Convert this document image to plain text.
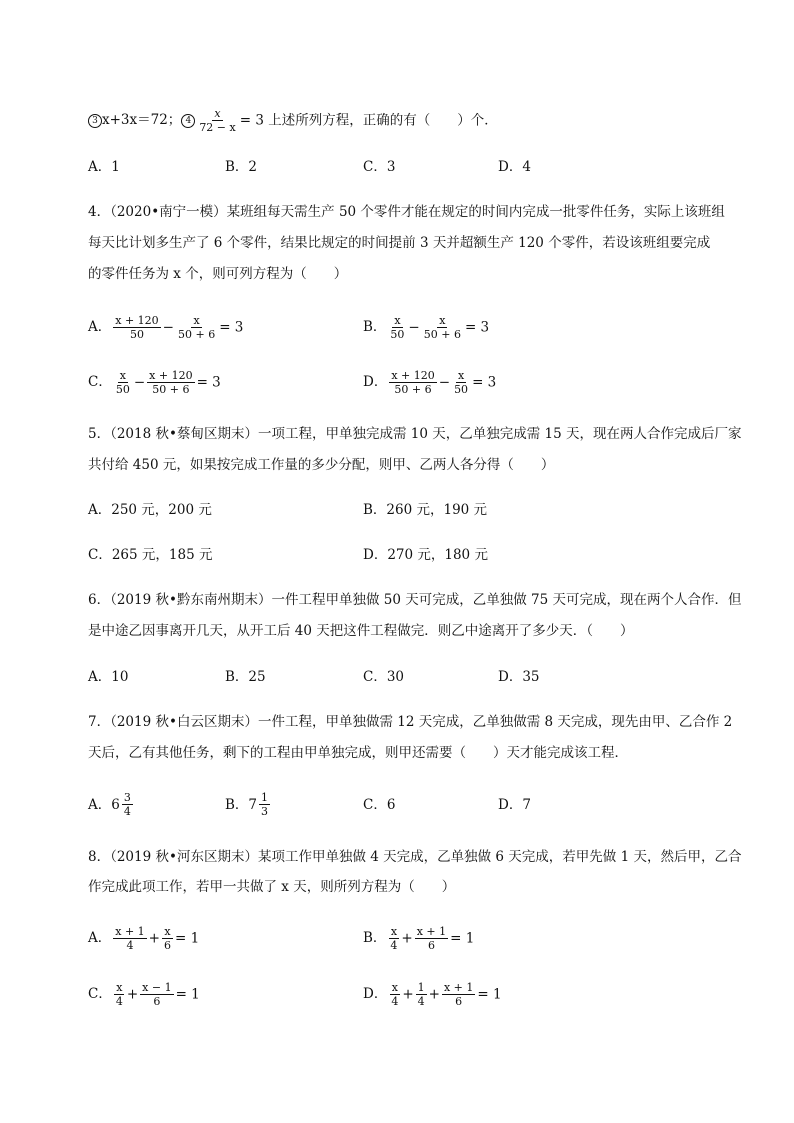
3 x+3x＝72； $4 \frac{x}{72 - x} = 3$ 上述所列方程，正确的有（　　）个．
A．1	B．2	C．3	D．4
4．（2020•南宁一模）某班组每天需生产 50 个零件才能在规定的时间内完成一批零件任务，实际上该班组
每天比计划多生产了 6 个零件，结果比规定的时间提前 3 天并超额生产 120 个零件，若设该班组要完成
的零件任务为 x 个，则可列方程为（　　）
A． $\frac{x + 120}{50} - \frac{x}{50 + 6} = 3$	B． $\frac{x}{50} - \frac{x}{50 + 6} = 3$
C． $\frac{x}{50} - \frac{x + 120}{50 + 6} = 3$	D． $\frac{x + 120}{50 + 6} - \frac{x}{50} = 3$
5．（2018 秋•蔡甸区期末）一项工程，甲单独完成需 10 天，乙单独完成需 15 天，现在两人合作完成后厂家
共付给 450 元，如果按完成工作量的多少分配，则甲、乙两人各分得（　　）
A．250 元，200 元	B．260 元，190 元
C．265 元，185 元	D．270 元，180 元
6．（2019 秋•黔东南州期末）一件工程甲单独做 50 天可完成，乙单独做 75 天可完成，现在两个人合作．但
是中途乙因事离开几天，从开工后 40 天把这件工程做完．则乙中途离开了多少天．（　　）
A．10	B．25	C．30	D．35
7．（2019 秋•白云区期末）一件工程，甲单独做需 12 天完成，乙单独做需 8 天完成，现先由甲、乙合作 2
天后，乙有其他任务，剩下的工程由甲单独完成，则甲还需要（　　）天才能完成该工程．
A． $6 \frac{3}{4}$	B． $7 \frac{1}{3}$	C．6	D．7
8．（2019 秋•河东区期末）某项工作甲单独做 4 天完成，乙单独做 6 天完成，若甲先做 1 天，然后甲，乙合
作完成此项工作，若甲一共做了 x 天，则所列方程为（　　）
A． $\frac{x + 1}{4} + \frac{x}{6} = 1$	B． $\frac{x}{4} + \frac{x + 1}{6} = 1$
C． $\frac{x}{4} + \frac{x - 1}{6} = 1$	D． $\frac{x}{4} + \frac{1}{4} + \frac{x + 1}{6} = 1$
